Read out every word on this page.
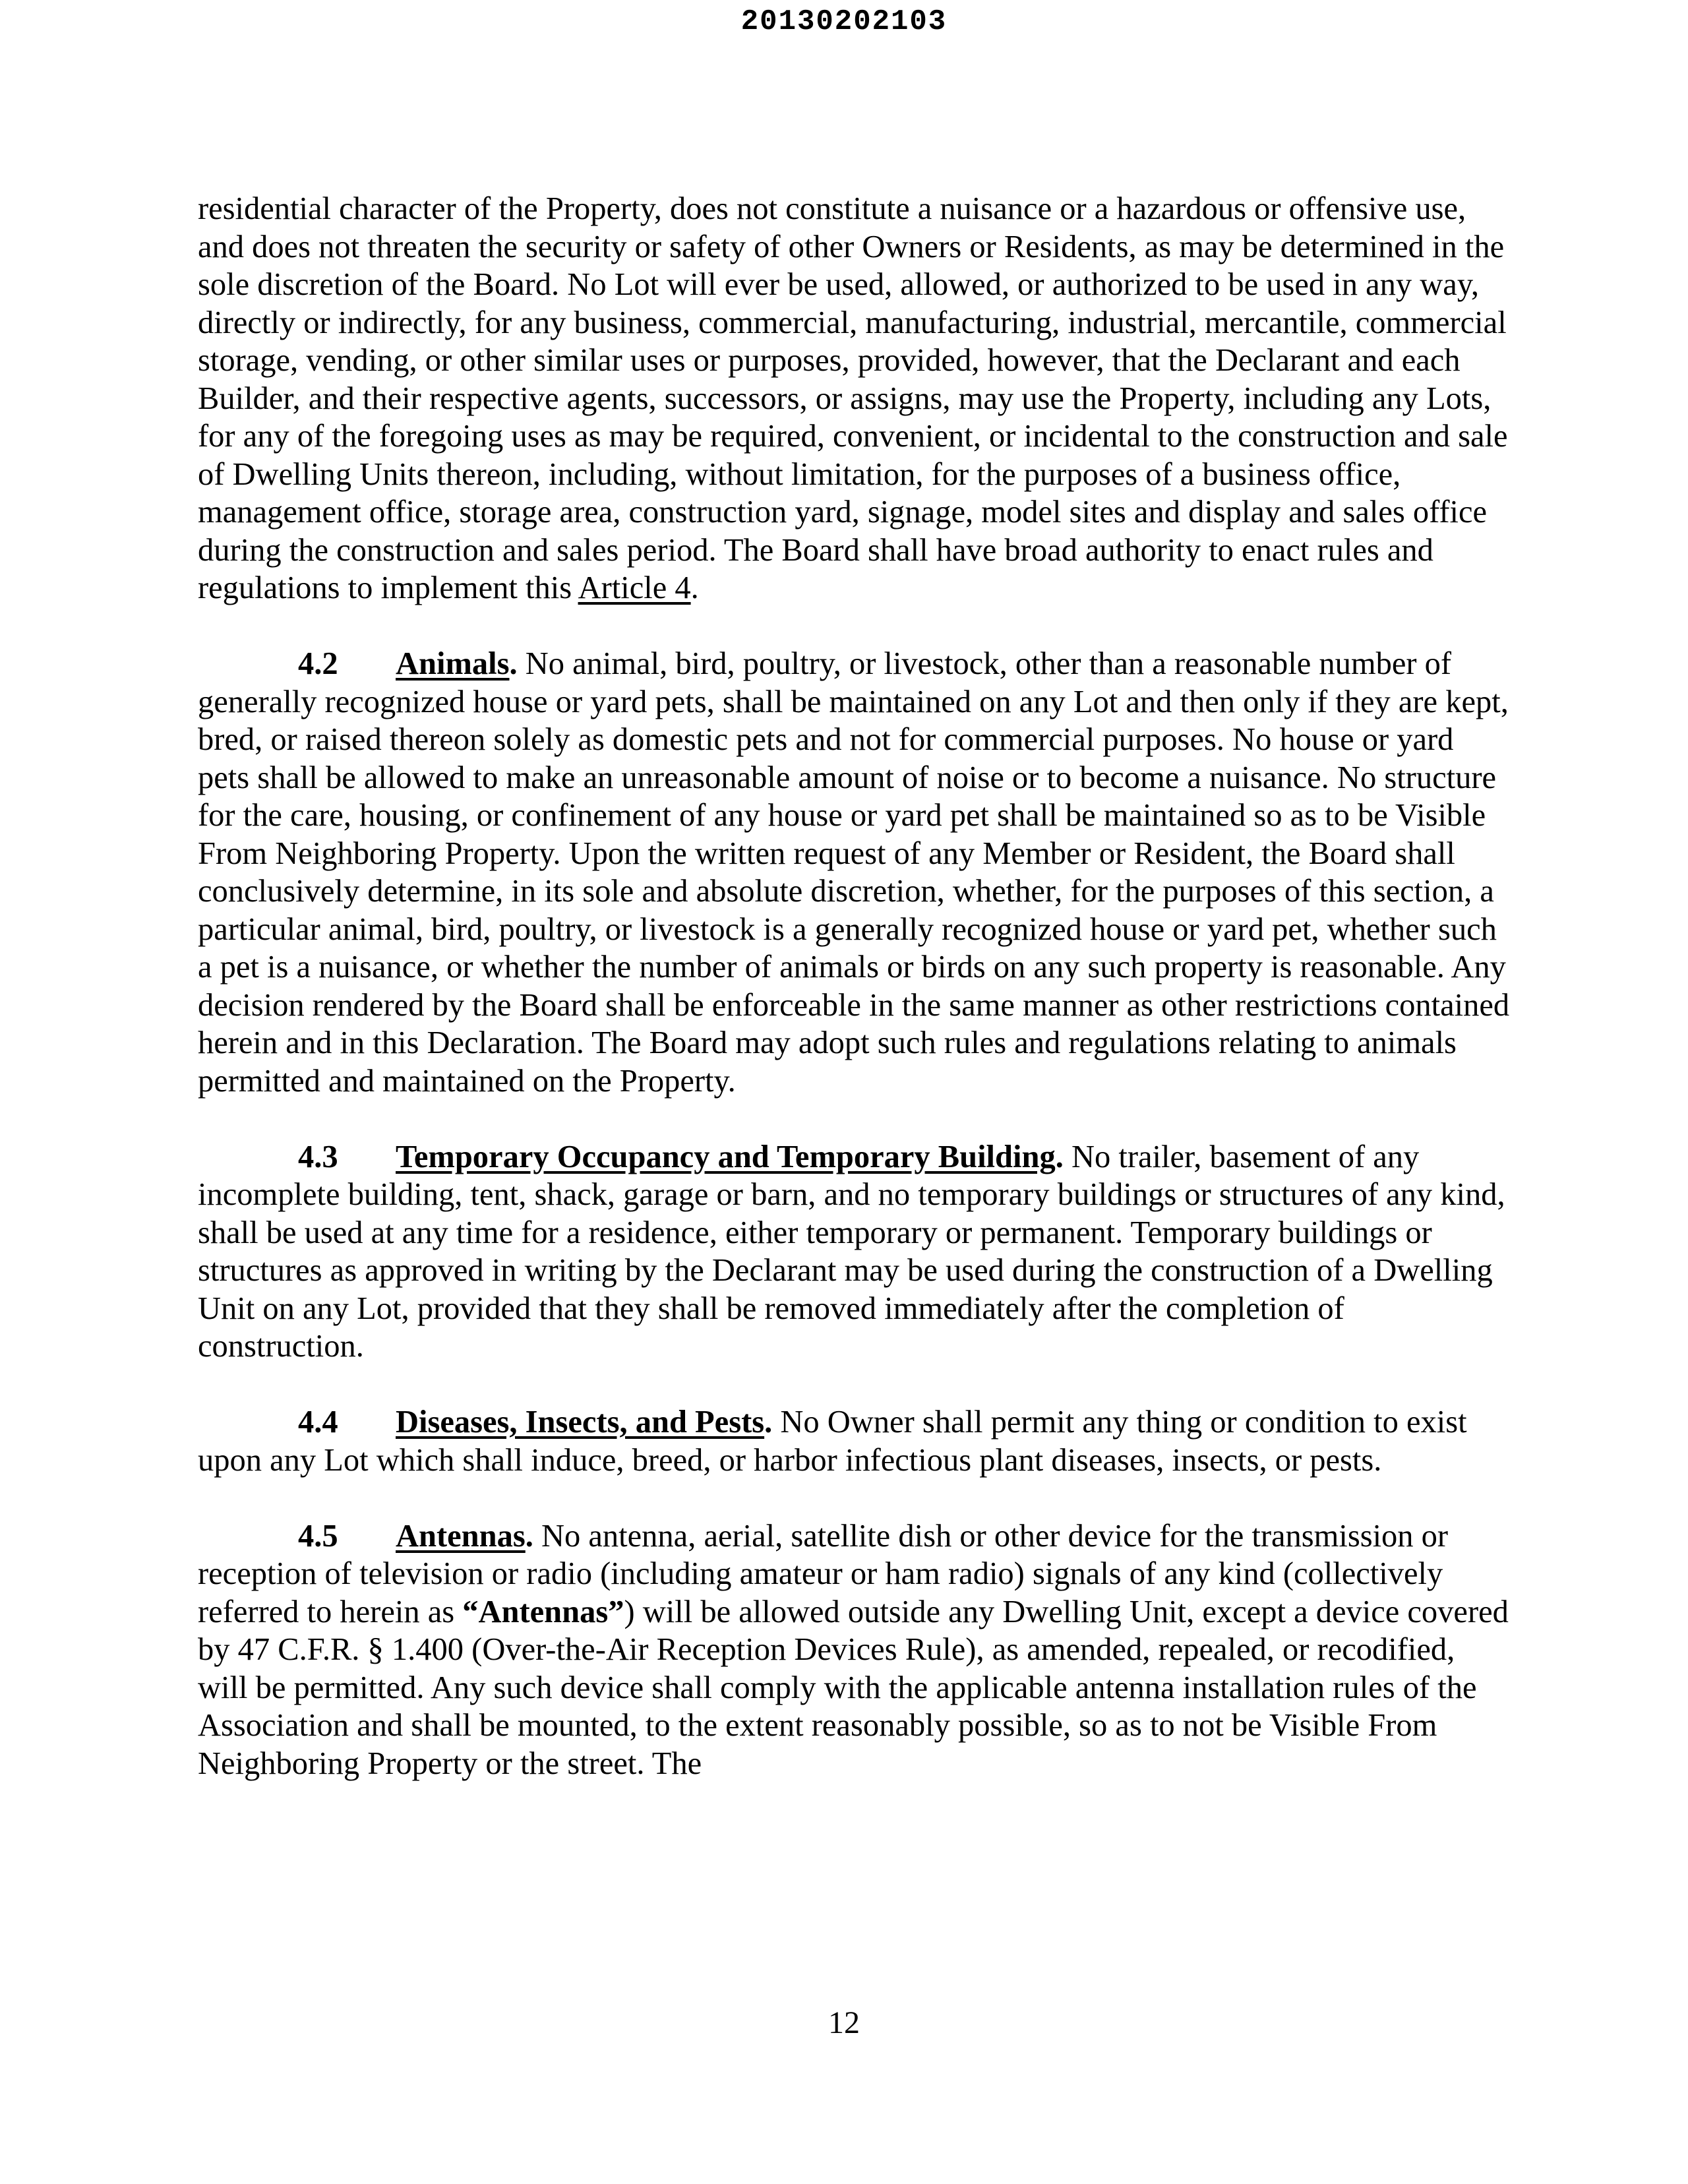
20130202103

residential character of the Property, does not constitute a nuisance or a hazardous or offensive use, and does not threaten the security or safety of other Owners or Residents, as may be determined in the sole discretion of the Board. No Lot will ever be used, allowed, or authorized to be used in any way, directly or indirectly, for any business, commercial, manufacturing, industrial, mercantile, commercial storage, vending, or other similar uses or purposes, provided, however, that the Declarant and each Builder, and their respective agents, successors, or assigns, may use the Property, including any Lots, for any of the foregoing uses as may be required, convenient, or incidental to the construction and sale of Dwelling Units thereon, including, without limitation, for the purposes of a business office, management office, storage area, construction yard, signage, model sites and display and sales office during the construction and sales period. The Board shall have broad authority to enact rules and regulations to implement this Article 4.

4.2 Animals. No animal, bird, poultry, or livestock, other than a reasonable number of generally recognized house or yard pets, shall be maintained on any Lot and then only if they are kept, bred, or raised thereon solely as domestic pets and not for commercial purposes. No house or yard pets shall be allowed to make an unreasonable amount of noise or to become a nuisance. No structure for the care, housing, or confinement of any house or yard pet shall be maintained so as to be Visible From Neighboring Property. Upon the written request of any Member or Resident, the Board shall conclusively determine, in its sole and absolute discretion, whether, for the purposes of this section, a particular animal, bird, poultry, or livestock is a generally recognized house or yard pet, whether such a pet is a nuisance, or whether the number of animals or birds on any such property is reasonable. Any decision rendered by the Board shall be enforceable in the same manner as other restrictions contained herein and in this Declaration. The Board may adopt such rules and regulations relating to animals permitted and maintained on the Property.

4.3 Temporary Occupancy and Temporary Building. No trailer, basement of any incomplete building, tent, shack, garage or barn, and no temporary buildings or structures of any kind, shall be used at any time for a residence, either temporary or permanent. Temporary buildings or structures as approved in writing by the Declarant may be used during the construction of a Dwelling Unit on any Lot, provided that they shall be removed immediately after the completion of construction.

4.4 Diseases, Insects, and Pests. No Owner shall permit any thing or condition to exist upon any Lot which shall induce, breed, or harbor infectious plant diseases, insects, or pests.

4.5 Antennas. No antenna, aerial, satellite dish or other device for the transmission or reception of television or radio (including amateur or ham radio) signals of any kind (collectively referred to herein as “Antennas”) will be allowed outside any Dwelling Unit, except a device covered by 47 C.F.R. § 1.400 (Over-the-Air Reception Devices Rule), as amended, repealed, or recodified, will be permitted. Any such device shall comply with the applicable antenna installation rules of the Association and shall be mounted, to the extent reasonably possible, so as to not be Visible From Neighboring Property or the street. The

12
